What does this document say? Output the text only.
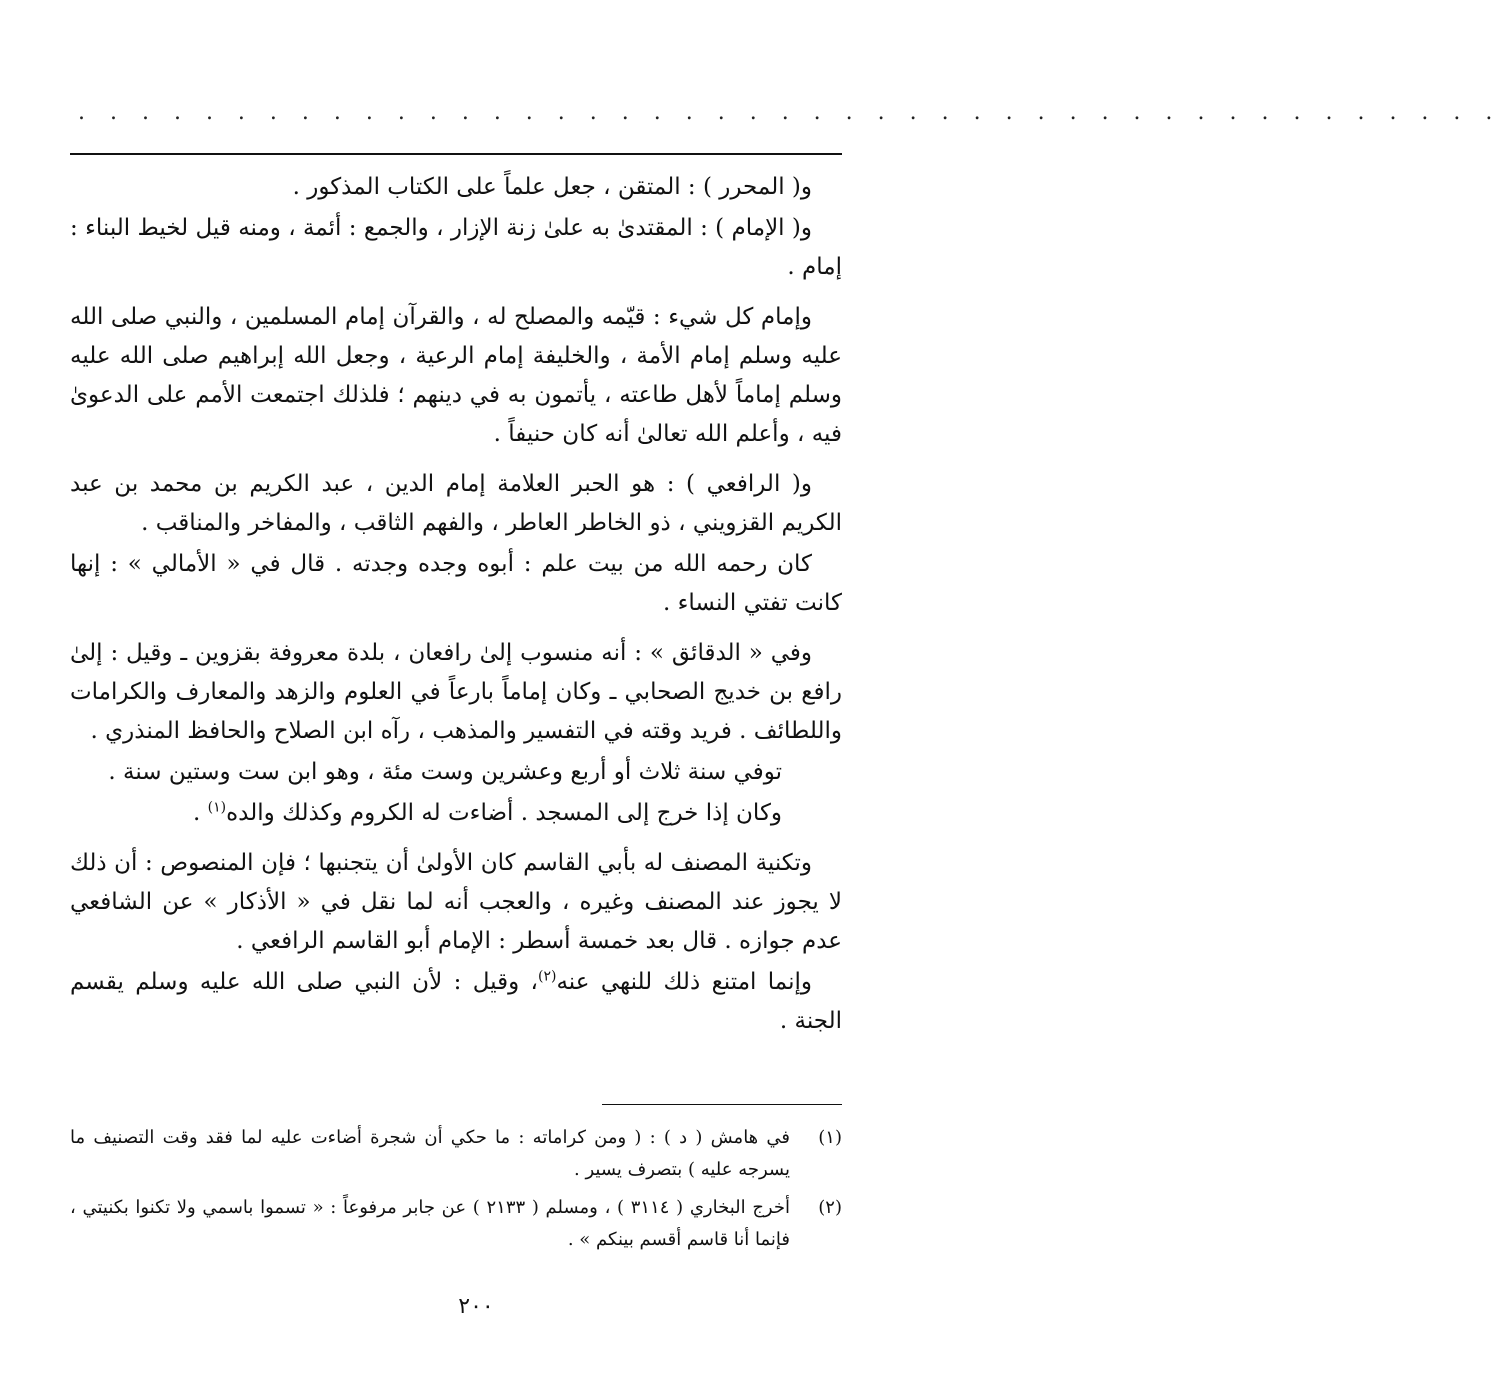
. . . . . . . . . . . . . . . . . . . . . . . . . . . . . . . . . . . . . . . . . . . . .

و( المحرر ) : المتقن ، جعل علماً على الكتاب المذكور .

و( الإمام ) : المقتدىٰ به علىٰ زنة الإزار ، والجمع : أئمة ، ومنه قيل لخيط البناء : إمام .

وإمام كل شيء : قيّمه والمصلح له ، والقرآن إمام المسلمين ، والنبي صلى الله عليه وسلم إمام الأمة ، والخليفة إمام الرعية ، وجعل الله إبراهيم صلى الله عليه وسلم إماماً لأهل طاعته ، يأتمون به في دينهم ؛ فلذلك اجتمعت الأمم على الدعوىٰ فيه ، وأعلم الله تعالىٰ أنه كان حنيفاً .

و( الرافعي ) : هو الحبر العلامة إمام الدين ، عبد الكريم بن محمد بن عبد الكريم القزويني ، ذو الخاطر العاطر ، والفهم الثاقب ، والمفاخر والمناقب .

كان رحمه الله من بيت علم : أبوه وجده وجدته . قال في « الأمالي » : إنها كانت تفتي النساء .

وفي « الدقائق » : أنه منسوب إلىٰ رافعان ، بلدة معروفة بقزوين ـ وقيل : إلىٰ رافع بن خديج الصحابي ـ وكان إماماً بارعاً في العلوم والزهد والمعارف والكرامات واللطائف . فريد وقته في التفسير والمذهب ، رآه ابن الصلاح والحافظ المنذري .

توفي سنة ثلاث أو أربع وعشرين وست مئة ، وهو ابن ست وستين سنة .

وكان إذا خرج إلى المسجد . أضاءت له الكروم وكذلك والده$^{(١)}$ .

وتكنية المصنف له بأبي القاسم كان الأولىٰ أن يتجنبها ؛ فإن المنصوص : أن ذلك لا يجوز عند المصنف وغيره ، والعجب أنه لما نقل في « الأذكار » عن الشافعي عدم جوازه . قال بعد خمسة أسطر : الإمام أبو القاسم الرافعي .

وإنما امتنع ذلك للنهي عنه$^{(٢)}$، وقيل : لأن النبي صلى الله عليه وسلم يقسم الجنة .

(١)
في هامش ( د ) : ( ومن كراماته : ما حكي أن شجرة أضاءت عليه لما فقد وقت التصنيف ما يسرجه عليه ) بتصرف يسير .
(٢)
أخرج البخاري ( ٣١١٤ ) ، ومسلم ( ٢١٣٣ ) عن جابر مرفوعاً : « تسموا باسمي ولا تكنوا بكنيتي ، فإنما أنا قاسم أقسم بينكم » .
٢٠٠
